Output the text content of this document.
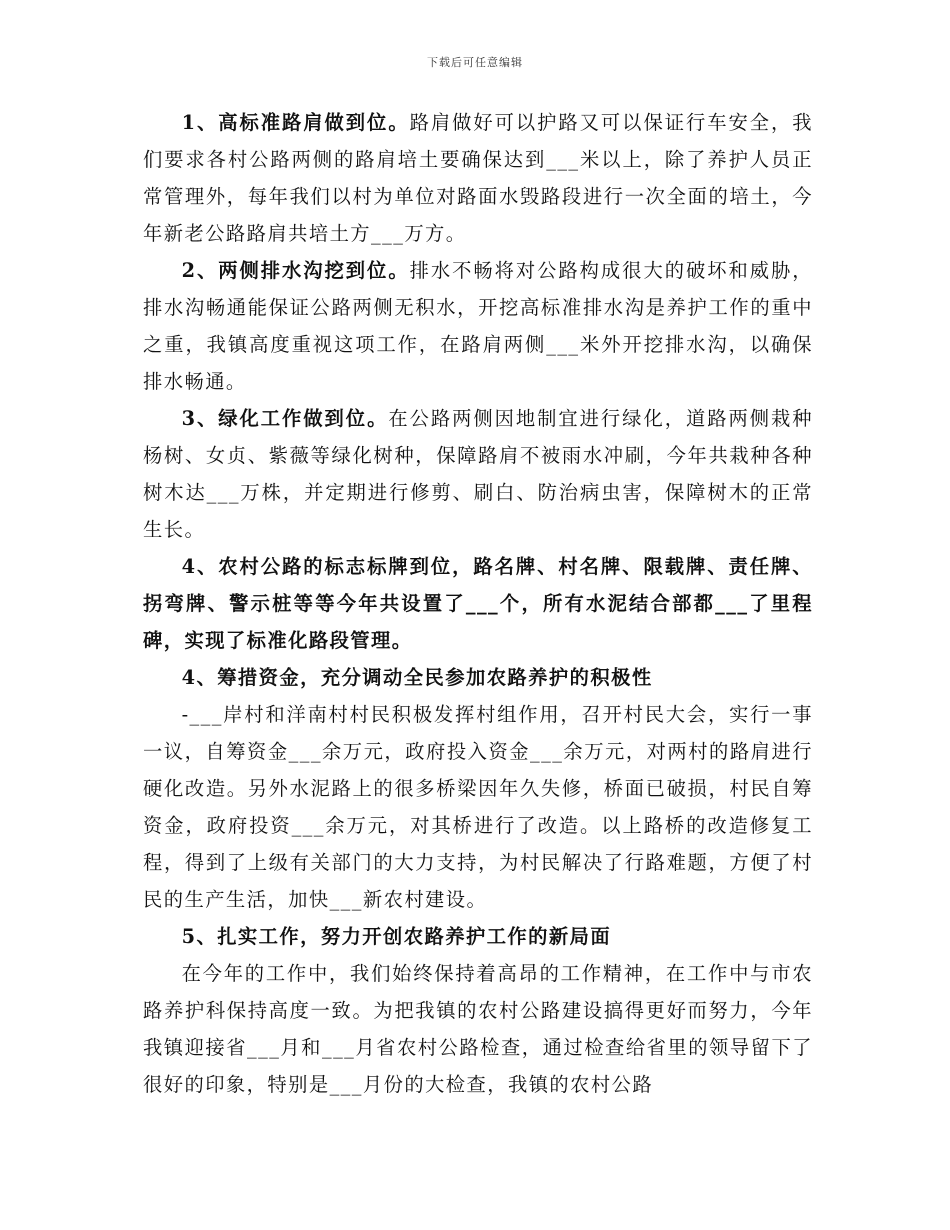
下载后可任意编辑

1、高标准路肩做到位。路肩做好可以护路又可以保证行车安全，我们要求各村公路两侧的路肩培土要确保达到___米以上，除了养护人员正常管理外，每年我们以村为单位对路面水毁路段进行一次全面的培土，今年新老公路路肩共培土方___万方。

2、两侧排水沟挖到位。排水不畅将对公路构成很大的破坏和威胁，排水沟畅通能保证公路两侧无积水，开挖高标准排水沟是养护工作的重中之重，我镇高度重视这项工作，在路肩两侧___米外开挖排水沟，以确保排水畅通。

3、绿化工作做到位。在公路两侧因地制宜进行绿化，道路两侧栽种杨树、女贞、紫薇等绿化树种，保障路肩不被雨水冲刷，今年共栽种各种树木达___万株，并定期进行修剪、刷白、防治病虫害，保障树木的正常生长。

4、农村公路的标志标牌到位，路名牌、村名牌、限载牌、责任牌、拐弯牌、警示桩等等今年共设置了___个，所有水泥结合部都___了里程碑，实现了标准化路段管理。

4、筹措资金，充分调动全民参加农路养护的积极性

-___岸村和洋南村村民积极发挥村组作用，召开村民大会，实行一事一议，自筹资金___余万元，政府投入资金___余万元，对两村的路肩进行硬化改造。另外水泥路上的很多桥梁因年久失修，桥面已破损，村民自筹资金，政府投资___余万元，对其桥进行了改造。以上路桥的改造修复工程，得到了上级有关部门的大力支持，为村民解决了行路难题，方便了村民的生产生活，加快___新农村建设。

5、扎实工作，努力开创农路养护工作的新局面

在今年的工作中，我们始终保持着高昂的工作精神，在工作中与市农路养护科保持高度一致。为把我镇的农村公路建设搞得更好而努力，今年我镇迎接省___月和___月省农村公路检查，通过检查给省里的领导留下了很好的印象，特别是___月份的大检查，我镇的农村公路
